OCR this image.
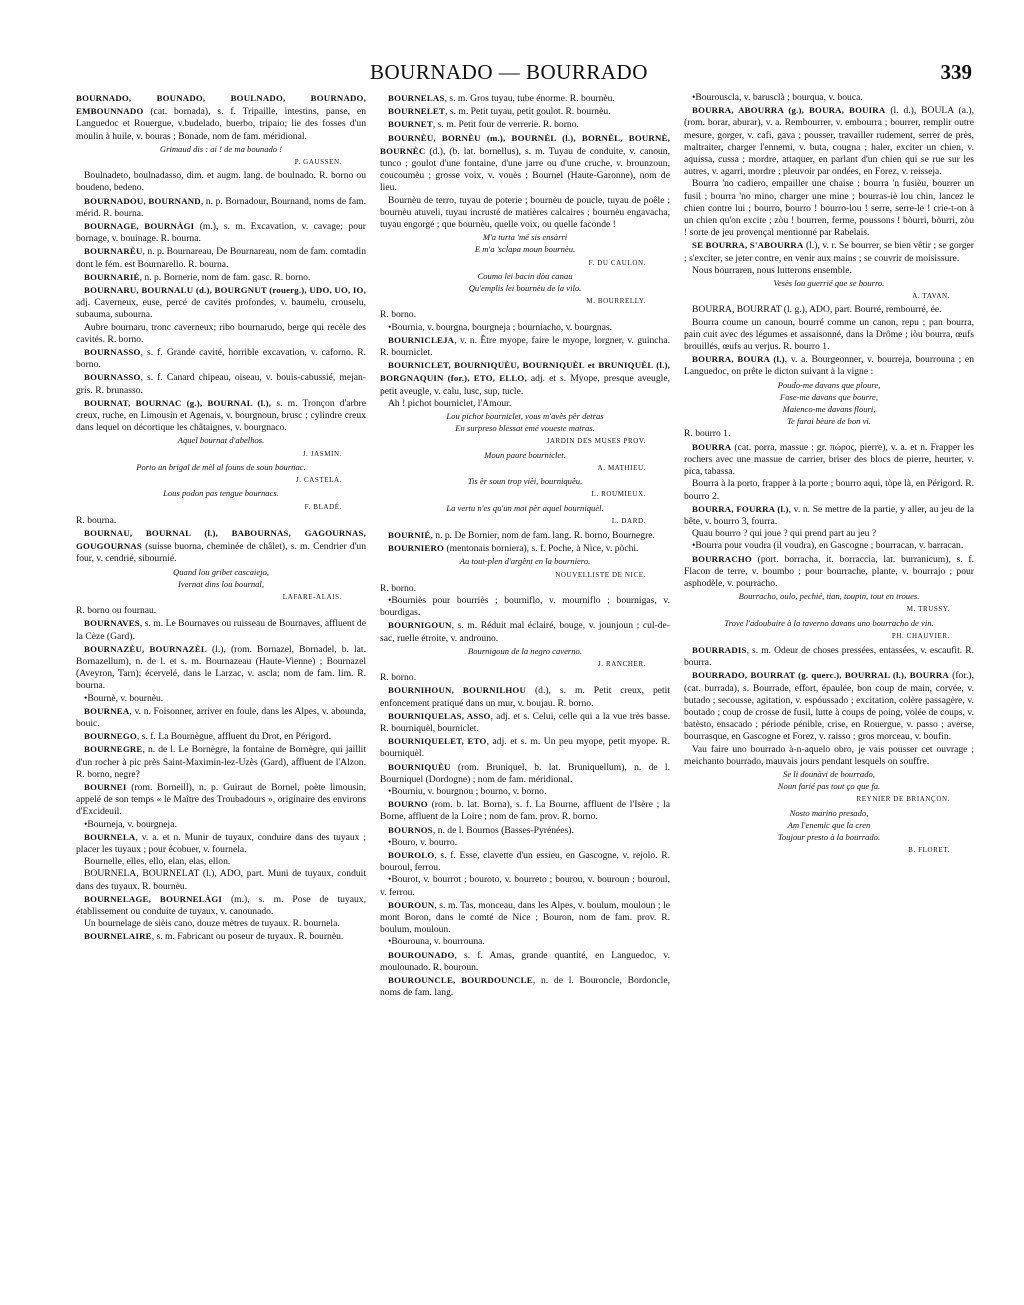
BOURNADO — BOURRADO	339

BOURNADO, BOUNADO, BOULNADO, BOURNADO, EMBOUNNADO (cat. bornada), s. f. Tripaille, intestins, panse, en Languedoc et Rouergue, v.budelado, buerbo, tripaio; lie des fosses d'un moulin à huile, v. bouras ; Bonade, nom de fam. méridional.

Grimaud dis : ai ! de ma bounado !
P. GAUSSEN.

Boulnadeto, boulnadasso, dim. et augm. lang. de boulnado. R. borno ou boudeno, bedeno.

BOURNADOU, BOURNAND, n. p. Bornadour, Bournand, noms de fam. mérid. R. bourna.

BOURNAGE, BOURNÀGI (m.), s. m. Excavation, v. cavage; pour bornage, v. bouinage. R. bourna.

BOURNARÈU, n. p. Bournareau, De Bournareau, nom de fam. comtadin dont le fém. est Bournarello. R. bourna.

BOURNARIÉ, n. p. Bornerie, nom de fam. gasc. R. borno.

BOURNARU, BOURNALU (d.), BOURGNUT (rouerg.), UDO, UO, IO, adj. Caverneux, euse, percé de cavités profondes, v. baumelu, crouselu, subauma, subourna.

Aubre bournaru, tronc caverneux; ribo bournarudo, berge qui recèle des cavités. R. borno.

BOURNASSO, s. f. Grande cavité, horrible excavation, v. caforno. R. borno.

BOURNASSO, s. f. Canard chipeau, oiseau, v. bouis-cabussié, mejan-gris. R. brunasso.

BOURNAT, BOURNAC (g.), BOURNAL (l.), s. m. Tronçon d'arbre creux, ruche, en Limousin et Agenais, v. bourgnoun, brusc ; cylindre creux dans lequel on décortique les châtaignes, v. bourgnaco.

Aquel bournat d'abelhos.
J. JASMIN.
Porto un brigal de mèl al founs de soun bournac.
J. CASTELA.
Lous podon pas tengue bournacs.
F. BLADÉ.

R. bourna.

BOURNAU, BOURNAL (l.), BABOURNAS, GAGOURNAS, GOUGOURNAS (suisse buorna, cheminée de châlet), s. m. Cendrier d'un four, v. cendrié, sibournié.

Quand lou gribet cascaiejo,
Ivernat dins lou bournal,
LAFARE-ALAIS.

R. borno ou fournau.

BOURNAVES, s. m. Le Bournaves ou ruisseau de Bournaves, affluent de la Cèze (Gard).

BOURNAZÈU, BOURNAZÈL (l.), (rom. Bornazel, Bornadel, b. lat. Bornazellum), n. de l. et s. m. Bournazeau (Haute-Vienne) ; Bournazel (Aveyron, Tarn); écervelé, dans le Larzac, v. ascla; nom de fam. lim. R. bourna.

•Bournè, v. bournèu.

BOURNEA, v. n. Foisonner, arriver en foule, dans les Alpes, v. abounda, bouic.

BOURNEGO, s. f. La Bournègue, affluent du Drot, en Périgord.

BOURNEGRE, n. de l. Le Bornègre, la fontaine de Bornègre, qui jaillit d'un rocher à pic près Saint-Maximin-lez-Uzès (Gard), affluent de l'Alzon. R. borno, negre?

BOURNEI (rom. Borneill), n. p. Guiraut de Bornel, poète limousin, appelé de son temps « le Maître des Troubadours », originaire des environs d'Excideuil.

•Bourneja, v. bourgneja.

BOURNELA, v. a. et n. Munir de tuyaux, conduire dans des tuyaux ; placer les tuyaux ; pour écobuer, v. fournela.

Bournelle, elles, ello, elan, elas, ellon.

BOURNELA, BOURNELAT (l.), ADO, part. Muni de tuyaux, conduit dans des tuyaux. R. bournèu.

BOURNELAGE, BOURNELÀGI (m.), s. m. Pose de tuyaux, établissement ou conduite de tuyaux, v. canounado.

Un bournelage de sièis cano, douze mètres de tuyaux. R. bournela.

BOURNELAIRE, s. m. Fabricant ou poseur de tuyaux. R. bournèu.

BOURNELAS, s. m. Gros tuyau, tube énorme. R. bournèu.

BOURNELET, s. m. Petit tuyau, petit goulot. R. bournèu.

BOURNET, s. m. Petit four de verrerie. R. borno.

BOURNÈU, BORNÈU (m.), BOURNÈL (l.), BORNÈL, BOURNÈ, BOURNÈC (d.), (b. lat. bornellus), s. m. Tuyau de conduite, v. canoun, tunco ; goulot d'une fontaine, d'une jarre ou d'une cruche, v. brounzoun, coucoumèu ; grosse voix, v. vouès ; Bournel (Haute-Garonne), nom de lieu.

Bournèu de terro, tuyau de poterie ; bournèu de poucle, tuyau de poêle ; bournèu atuveli, tuyau incrusté de matières calcaires ; bournèu engavacha, tuyau engorgé ; que bournèu, quelle voix, ou quelle faconde !

M'a turta 'mé sis ensàrri
E m'a 'sclapa moun bournèu.
F. DU CAULON.
Coumo lei bacin dòu canau
Qu'emplis lei bournèu de la vilo.
M. BOURRELLY.

R. borno.

•Bournia, v. bourgna, bourgneja ; bourniacho, v. bourgnas.

BOURNICLEJA, v. n. Être myope, faire le myope, lorgner, v. guincha. R. bourniclet.

BOURNICLET, BOURNIQUÈU, BOURNIQUÈL et BRUNIQUÈL (l.), BORGNAQUIN (for.), ETO, ELLO, adj. et s. Myope, presque aveugle, petit aveugle, v. calu, lusc, sup, tucle.

Ah ! pichot bourniclet, l'Amour.

Lou pichot bourniclet, vous m'avès pèr detras
En surpreso blessat emé voueste matras.
JARDIN DES MUSES PROV.
Moun paure bourniclet.
A. MATHIEU.
Tis èr soun trop vièi, bourniquèu.
L. ROUMIEUX.
La vertu n'es qu'un mot pèr aquel bourniquèl.
L. DARD.

BOURNIÉ, n. p. De Bornier, nom de fam. lang. R. borno, Bournegre.

BOURNIERO (mentonais borniera), s. f. Poche, à Nice, v. pòchi.

Au tout-plen d'argènt en la bourniero.
NOUVELLISTE DE NICE.

R. borno.

•Bourniès pour bourriès ; bourniflo, v. mourniflo ; bournigas, v. bourdigas.

BOURNIGOUN, s. m. Réduit mal éclairé, bouge, v. jounjoun ; cul-de-sac, ruelle étroite, v. androuno.

Bournigoun de la negro caverno.
J. RANCHER.

R. borno.

BOURNIHOUN, BOURNILHOU (d.), s. m. Petit creux, petit enfoncement pratiqué dans un mur, v. boujau. R. borno.

BOURNIQUELAS, ASSO, adj. et s. Celui, celle qui a la vue très basse. R. bourniquèl, bourniclet.

BOURNIQUELET, ETO, adj. et s. m. Un peu myope, petit myope. R. bourniquèl.

BOURNIQUÈU (rom. Bruniquel, b. lat. Bruniquellum), n. de l. Bourniquel (Dordogne) ; nom de fam. méridional.

•Bourniu, v. bourgnou ; bourno, v. borno.

BOURNO (rom. b. lat. Borna), s. f. La Bourne, affluent de l'Isère ; la Borne, affluent de la Loire ; nom de fam. prov. R. borno.

BOURNOS, n. de l. Bournos (Basses-Pyrénées).

•Bouro, v. bourro.

BOUROLO, s. f. Esse, clavette d'un essieu, en Gascogne, v. rejolo. R. bouroul, ferrou.

•Bourot, v. bourrot ; bouroto, v. bourreto ; bourou, v. bouroun ; bouroul, v. ferrou.

BOUROUN, s. m. Tas, monceau, dans les Alpes, v. boulum, mouloun ; le mont Boron, dans le comté de Nice ; Bouron, nom de fam. prov. R. boulum, mouloun.

•Bourouna, v. bourrouna.

BOUROUNADO, s. f. Amas, grande quantité, en Languedoc, v. moulounado. R. bouroun.

BOUROUNCLE, BOURDOUNCLE, n. de l. Bouroncle, Bordoncle, noms de fam. lang.

•Bourouscla, v. barusclà ; bourqua, v. bouca.

BOURRA, ABOURRA (g.), BOURA, BOUIRA (l. d.), BOULA (a.), (rom. borar, aburar), v. a. Rembourrer, v. embourra ; bourrer, remplir outre mesure, gorger, v. cafi, gava ; pousser, travailler rudement, serrer de près, maltraiter, charger l'ennemi, v. buta, cougna ; haler, exciter un chien, v. aquissa, cussa ; mordre, attaquer, en parlant d'un chien qui se rue sur les autres, v. agarri, mordre ; pleuvoir par ondées, en Forez, v. reisseja.

Bourra 'no cadiero, empailler une chaise ; bourra 'n fusièu, bourrer un fusil ; bourra 'no mino, charger une mine ; bourras-iè lou chin, lancez le chien contre lui ; bourro, bourro ! bourro-lou ! serre, serre-le ! crie-t-on à un chien qu'on excite ; zòu ! bourren, ferme, poussons ! bòurri, bòurri, zòu ! sorte de jeu provençal mentionné par Rabelais.

SE BOURRA, S'ABOURRA (l.), v. r. Se bourrer, se bien vêtir ; se gorger ; s'exciter, se jeter contre, en venir aux mains ; se couvrir de moisissure.

Nous bourraren, nous lutterons ensemble.

Vesès lou guerrié que se bourro.
A. TAVAN.

BOURRA, BOURRAT (l. g.), ADO, part. Bourré, rembourré, ée.

Bourra coume un canoun, bourré comme un canon, repu ; pan bourra, pain cuit avec des légumes et assaisonné, dans la Drôme ; iòu bourra, œufs brouillés, œufs au verjus. R. bourro 1.

BOURRA, BOURA (l.), v. a. Bourgeonner, v. bourreja, bourrouna ; en Languedoc, on prête le dicton suivant à la vigne :

Poudo-me davans que ploure,
Fose-me davans que bourre,
Maienco-me davans flouri,
Te farai bèure de bon vi.

R. bourro 1.

BOURRA (cat. porra, massue ; gr. πώρος, pierre), v. a. et n. Frapper les rochers avec une massue de carrier, briser des blocs de pierre, heurter, v. pica, tabassa.

Bourra à la porto, frapper à la porte ; bourro aqui, tòpe là, en Périgord. R. bourro 2.

BOURRA, FOURRA (l.), v. n. Se mettre de la partie, y aller, au jeu de la bête, v. bourro 3, fourra.

Quau bourro ? qui joue ? qui prend part au jeu ?

•Bourra pour voudra (il voudra), en Gascogne ; bourracan, v. barracan.

BOURRACHO (port. borracha, it. borraccia, lat. burranicum), s. f. Flacon de terre, v. boumbo ; pour bourrache, plante, v. bourrajo ; pour asphodèle, v. pourracho.

Bourracho, oulo, pechié, tian, toupin, tout en troues.
M. TRUSSY.
Trove l'adoubaire à la taverno davans uno bourracho de vin.
PH. CHAUVIER.

BOURRADIS, s. m. Odeur de choses pressées, entassées, v. escaufit. R. bourra.

BOURRADO, BOURRAT (g. querc.), BOURRAL (l.), BOURRA (for.), (cat. burrada), s. Bourrade, effort, épaulée, bon coup de main, corvée, v. butado ; secousse, agitation, v. espóussado ; excitation, colère passagère, v. boutado ; coup de crosse de fusil, lutte à coups de poing, volée de coups, v. batèsto, ensacado ; période pénible, crise, en Rouergue, v. passo ; averse, bourrasque, en Gascogne et Forez, v. raisso ; gros morceau, v. boufin.

Vau faire uno bourrado à-n-aquelo obro, je vais pousser cet ouvrage ; meichanto bourrado, mauvais jours pendant lesquels on souffre.

Se li dounàvi de bourrado,
Noun farié pas tout ço que fa.
REYNIER DE BRIANÇON.
Nosto marino presado,
Am l'enemic que la cren
Toujour presto à la bourrado.
B. FLORET.
